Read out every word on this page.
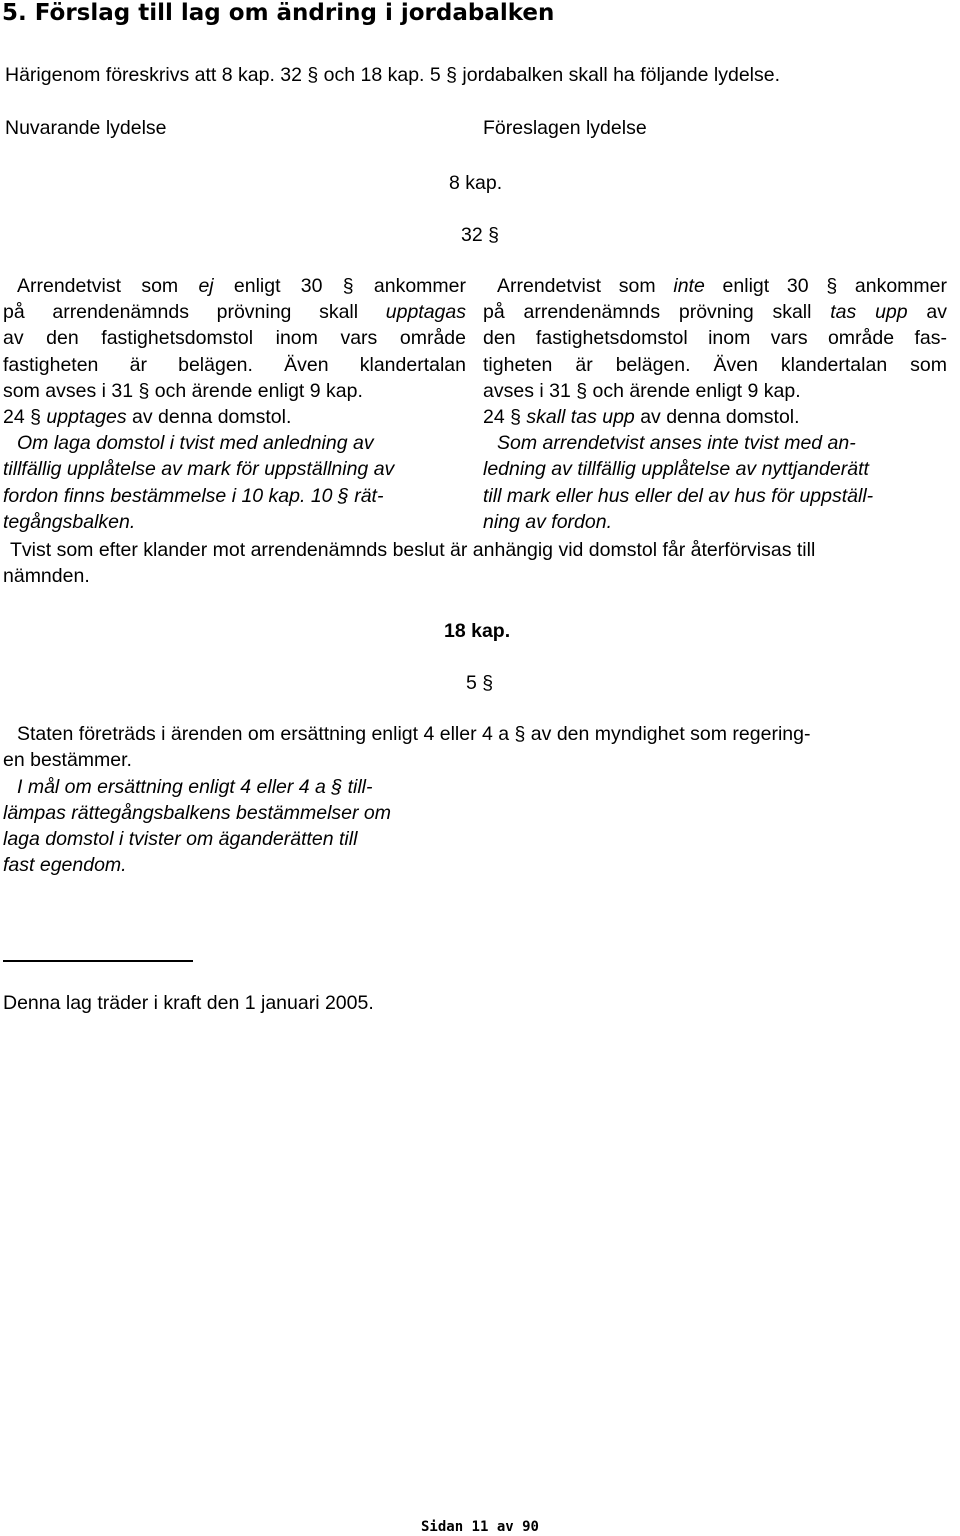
5. Förslag till lag om ändring i jordabalken
Härigenom föreskrivs att 8 kap. 32 § och 18 kap. 5 § jordabalken skall ha följande lydelse.
Nuvarande lydelse	Föreslagen lydelse
8 kap.
32 §
Arrendetvist som ej enligt 30 § ankommer
på arrendenämnds prövning skall upptagas
av den fastighetsdomstol inom vars område
fastigheten är belägen. Även klandertalan
som avses i 31 § och ärende enligt 9 kap.
24 § upptages av denna domstol.
Om laga domstol i tvist med anledning av
tillfällig upplåtelse av mark för uppställning av
fordon finns bestämmelse i 10 kap. 10 § rät-
tegångsbalken.
Arrendetvist som inte enligt 30 § ankommer
på arrendenämnds prövning skall tas upp av
den fastighetsdomstol inom vars område fas-
tigheten är belägen. Även klandertalan som
avses i 31 § och ärende enligt 9 kap.
24 § skall tas upp av denna domstol.
Som arrendetvist anses inte tvist med an-
ledning av tillfällig upplåtelse av nyttjanderätt
till mark eller hus eller del av hus för uppställ-
ning av fordon.
Tvist som efter klander mot arrendenämnds beslut är anhängig vid domstol får återförvisas till
nämnden.
18 kap.
5 §
Staten företräds i ärenden om ersättning enligt 4 eller 4 a § av den myndighet som regering-
en bestämmer.
I mål om ersättning enligt 4 eller 4 a § till-
lämpas rättegångsbalkens bestämmelser om
laga domstol i tvister om äganderätten till
fast egendom.
Denna lag träder i kraft den 1 januari 2005.
Sidan 11 av 90
